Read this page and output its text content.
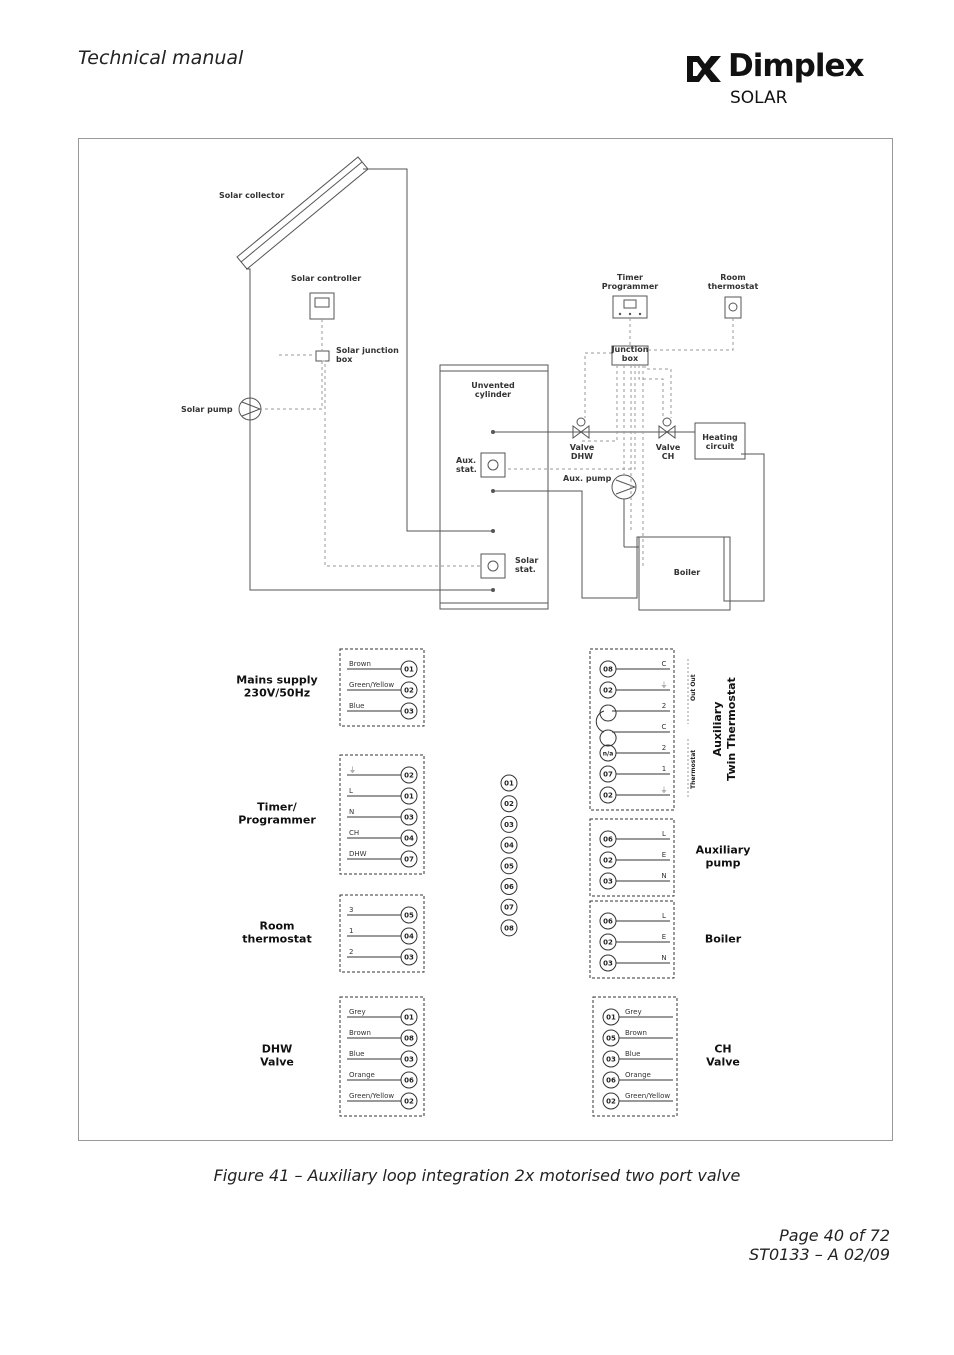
Technical manual	Dimplex
SOLAR
Solar collector
Solar controller
Solar junction
box
Solar pump
Unvented
cylinder
Aux.
stat.
Solar
stat.
Timer
Programmer
Room
thermostat
Junction
box
Valve
DHW
Valve
CH
Heating
circuit
Aux. pump
Boiler
Brown
01
Green/Yellow
02
Blue
03
Mains supply
230V/50Hz
⏚
02
L
01
N
03
CH
04
DHW
07
Timer/
Programmer
3
05
1
04
2
03
Room
thermostat
Grey
01
Brown
08
Blue
03
Orange
06
Green/Yellow
02
DHW
Valve
01
02
03
04
05
06
07
08
C
08
⏚
02
2
C
2
n/a
1
07
⏚
02
Out Out
Thermostat
Auxiliary Twin Thermostat
L
06
E
02
N
03
Auxiliary
pump
L
06
E
02
N
03
Boiler
Grey
01
Brown
05
Blue
03
Orange
06
Green/Yellow
02
CH
Valve
Figure 41 – Auxiliary loop integration 2x motorised two port valve
Page 40 of 72
ST0133 – A 02/09
